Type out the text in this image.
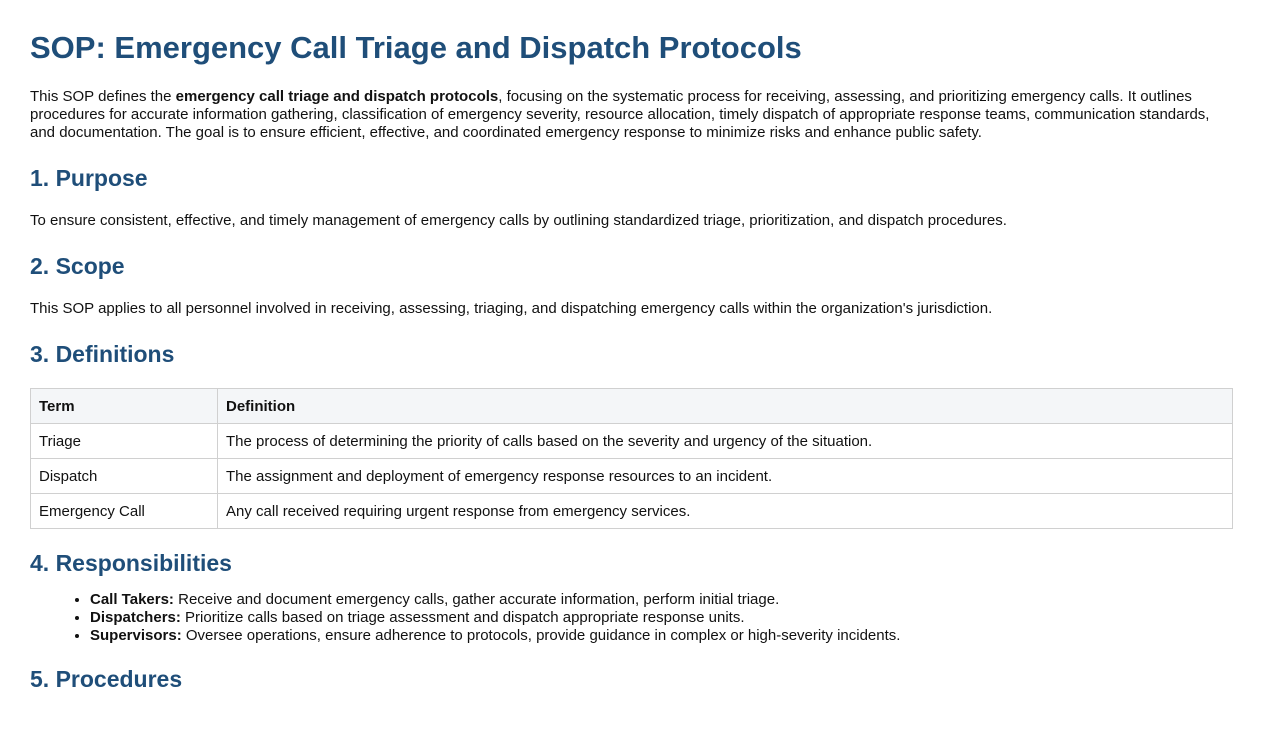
SOP: Emergency Call Triage and Dispatch Protocols

This SOP defines the emergency call triage and dispatch protocols, focusing on the systematic process for receiving, assessing, and prioritizing emergency calls. It outlines procedures for accurate information gathering, classification of emergency severity, resource allocation, timely dispatch of appropriate response teams, communication standards, and documentation. The goal is to ensure efficient, effective, and coordinated emergency response to minimize risks and enhance public safety.

1. Purpose

To ensure consistent, effective, and timely management of emergency calls by outlining standardized triage, prioritization, and dispatch procedures.

2. Scope

This SOP applies to all personnel involved in receiving, assessing, triaging, and dispatching emergency calls within the organization's jurisdiction.

3. Definitions
Term	Definition
Triage	The process of determining the priority of calls based on the severity and urgency of the situation.
Dispatch	The assignment and deployment of emergency response resources to an incident.
Emergency Call	Any call received requiring urgent response from emergency services.
4. Responsibilities
• Call Takers: Receive and document emergency calls, gather accurate information, perform initial triage.
• Dispatchers: Prioritize calls based on triage assessment and dispatch appropriate response units.
• Supervisors: Oversee operations, ensure adherence to protocols, provide guidance in complex or high-severity incidents.
5. Procedures
